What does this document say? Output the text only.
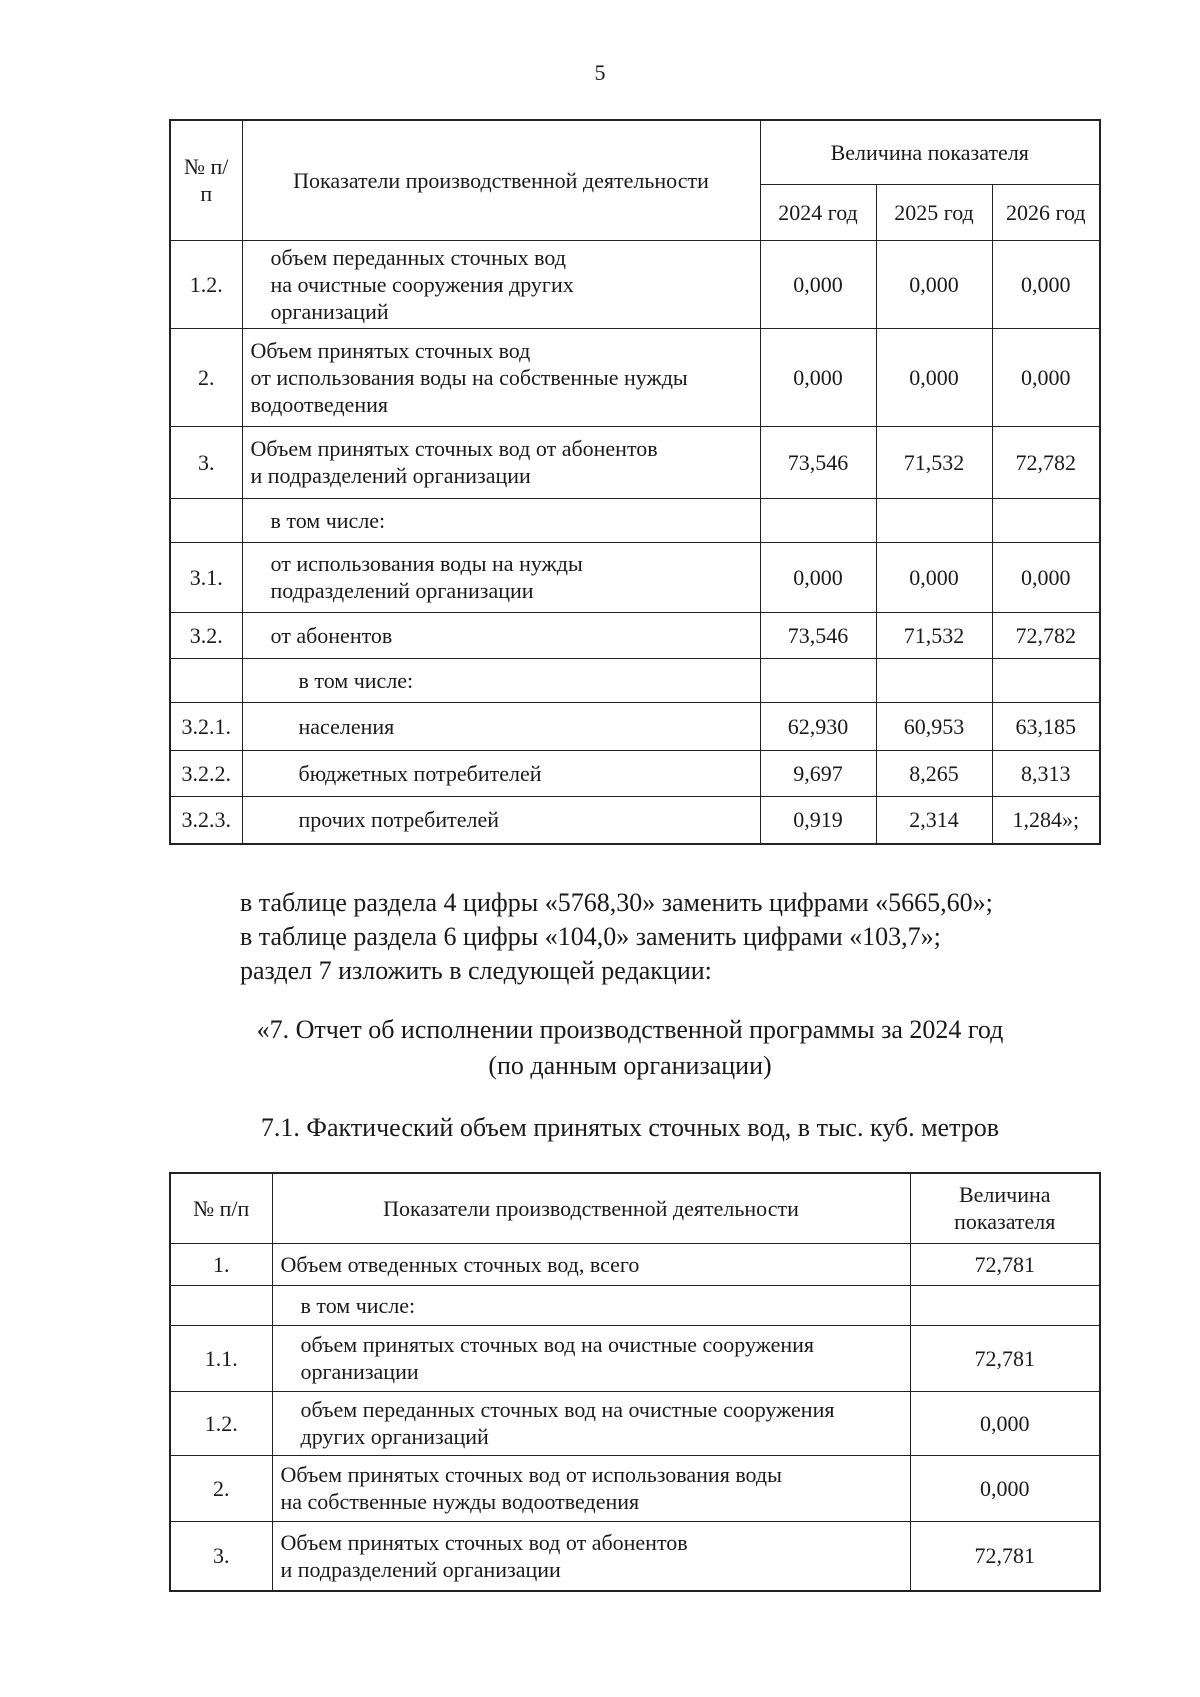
5
№ п/п	Показатели производственной деятельности	Величина показателя		
		2024 год	2025 год	2026 год
1.2.	объем переданных сточных вод
на очистные сооружения других
организаций	0,000	0,000	0,000
2.	Объем принятых сточных вод
от использования воды на собственные нужды
водоотведения	0,000	0,000	0,000
3.	Объем принятых сточных вод от абонентов
и подразделений организации	73,546	71,532	72,782
	в том числе:			
3.1.	от использования воды на нужды
подразделений организации	0,000	0,000	0,000
3.2.	от абонентов	73,546	71,532	72,782
	в том числе:			
3.2.1.	населения	62,930	60,953	63,185
3.2.2.	бюджетных потребителей	9,697	8,265	8,313
3.2.3.	прочих потребителей	0,919	2,314	1,284»;
в таблице раздела 4 цифры «5768,30» заменить цифрами «5665,60»;
в таблице раздела 6 цифры «104,0» заменить цифрами «103,7»;
раздел 7 изложить в следующей редакции:
«7. Отчет об исполнении производственной программы за 2024 год
(по данным организации)
7.1. Фактический объем принятых сточных вод, в тыс. куб. метров
№ п/п	Показатели производственной деятельности	Величина
показателя
1.	Объем отведенных сточных вод, всего	72,781
	в том числе:	
1.1.	объем принятых сточных вод на очистные сооружения
организации	72,781
1.2.	объем переданных сточных вод на очистные сооружения
других организаций	0,000
2.	Объем принятых сточных вод от использования воды
на собственные нужды водоотведения	0,000
3.	Объем принятых сточных вод от абонентов
и подразделений организации	72,781
